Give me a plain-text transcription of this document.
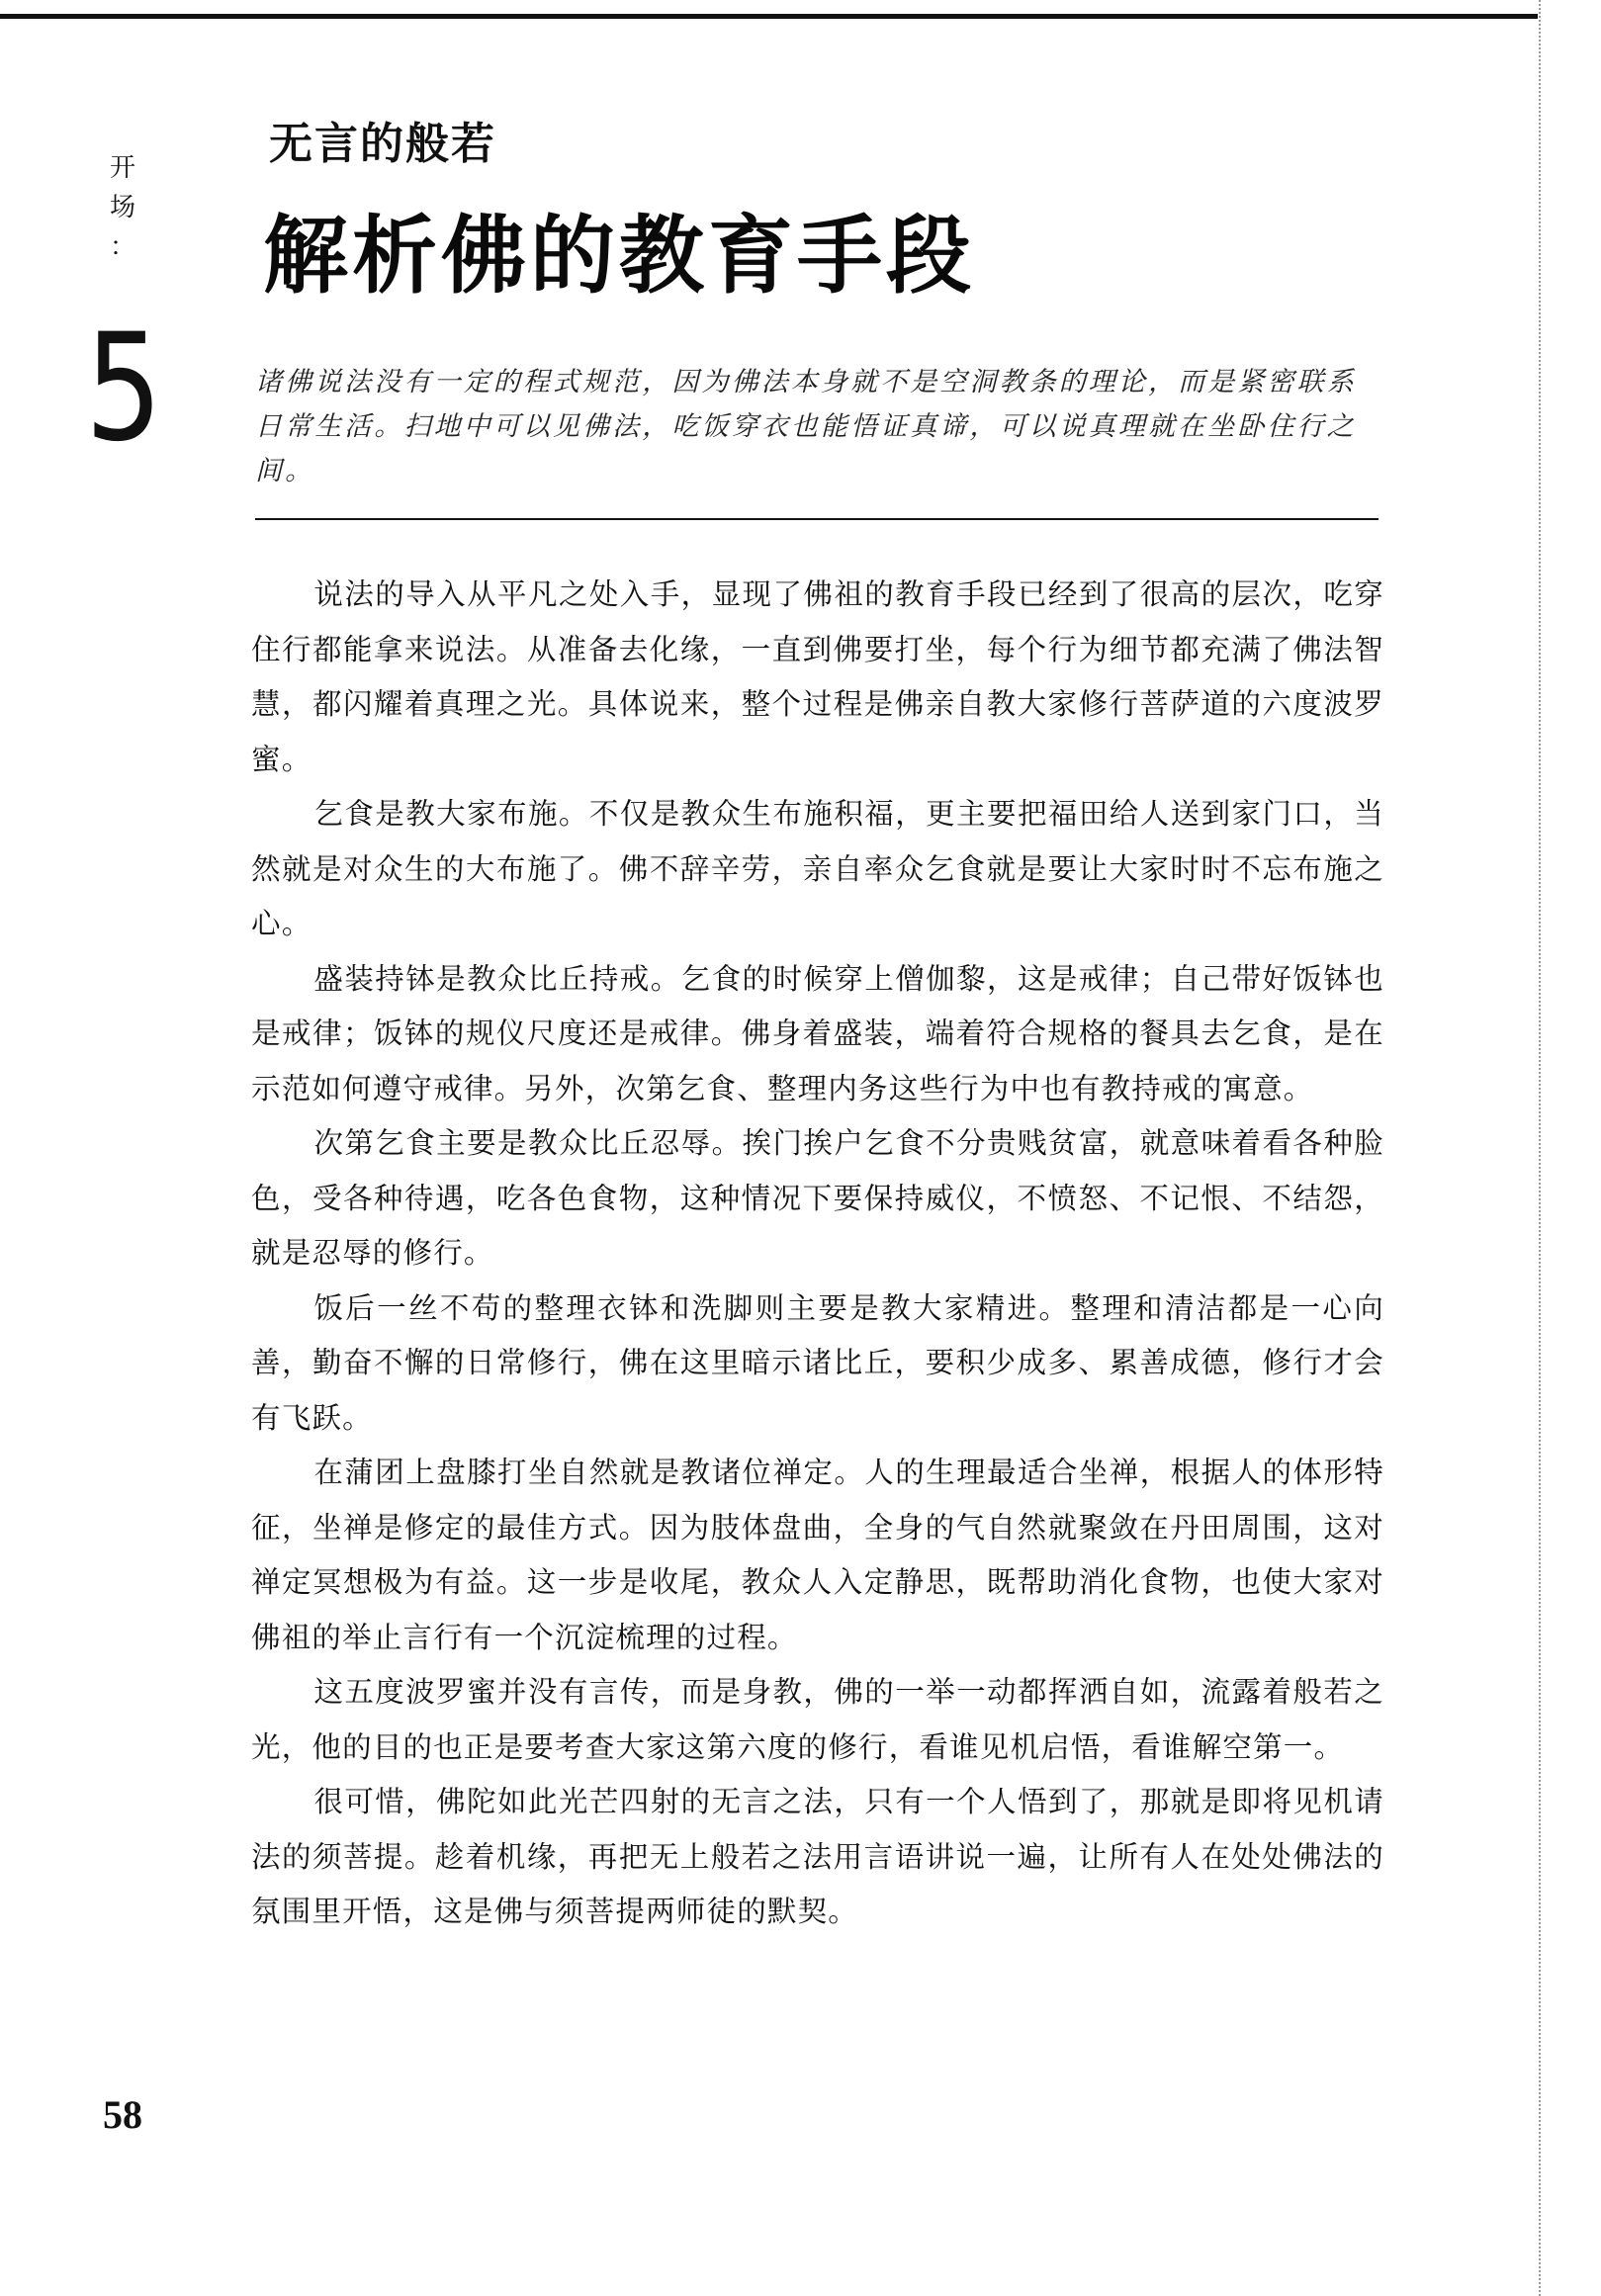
开
场
：
5
无言的般若
解析佛的教育手段
诸佛说法没有一定的程式规范，因为佛法本身就不是空洞教条的理论，而是紧密联系日常生活。扫地中可以见佛法，吃饭穿衣也能悟证真谛，可以说真理就在坐卧住行之间。

说法的导入从平凡之处入手，显现了佛祖的教育手段已经到了很高的层次，吃穿住行都能拿来说法。从准备去化缘，一直到佛要打坐，每个行为细节都充满了佛法智慧，都闪耀着真理之光。具体说来，整个过程是佛亲自教大家修行菩萨道的六度波罗蜜。

乞食是教大家布施。不仅是教众生布施积福，更主要把福田给人送到家门口，当然就是对众生的大布施了。佛不辞辛劳，亲自率众乞食就是要让大家时时不忘布施之心。

盛装持钵是教众比丘持戒。乞食的时候穿上僧伽黎，这是戒律；自己带好饭钵也是戒律；饭钵的规仪尺度还是戒律。佛身着盛装，端着符合规格的餐具去乞食，是在示范如何遵守戒律。另外，次第乞食、整理内务这些行为中也有教持戒的寓意。

次第乞食主要是教众比丘忍辱。挨门挨户乞食不分贵贱贫富，就意味着看各种脸色，受各种待遇，吃各色食物，这种情况下要保持威仪，不愤怒、不记恨、不结怨，就是忍辱的修行。

饭后一丝不苟的整理衣钵和洗脚则主要是教大家精进。整理和清洁都是一心向善，勤奋不懈的日常修行，佛在这里暗示诸比丘，要积少成多、累善成德，修行才会有飞跃。

在蒲团上盘膝打坐自然就是教诸位禅定。人的生理最适合坐禅，根据人的体形特征，坐禅是修定的最佳方式。因为肢体盘曲，全身的气自然就聚敛在丹田周围，这对禅定冥想极为有益。这一步是收尾，教众人入定静思，既帮助消化食物，也使大家对佛祖的举止言行有一个沉淀梳理的过程。

这五度波罗蜜并没有言传，而是身教，佛的一举一动都挥洒自如，流露着般若之光，他的目的也正是要考查大家这第六度的修行，看谁见机启悟，看谁解空第一。

很可惜，佛陀如此光芒四射的无言之法，只有一个人悟到了，那就是即将见机请法的须菩提。趁着机缘，再把无上般若之法用言语讲说一遍，让所有人在处处佛法的氛围里开悟，这是佛与须菩提两师徒的默契。

58
